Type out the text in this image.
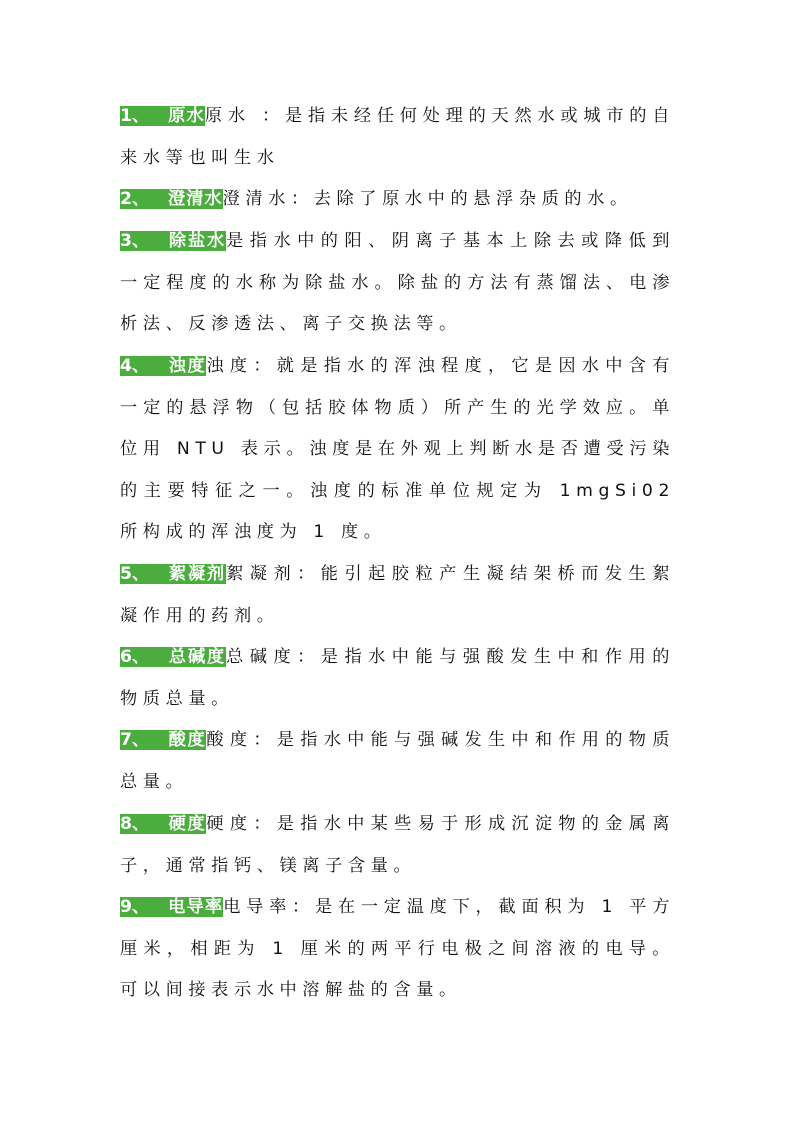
1、 原水原水 ：是指未经任何处理的天然水或城市的自来水等也叫生水

2、 澄清水澄清水：去除了原水中的悬浮杂质的水。

3、 除盐水是指水中的阳、阴离子基本上除去或降低到一定程度的水称为除盐水。除盐的方法有蒸馏法、电渗析法、反渗透法、离子交换法等。

4、 浊度浊度：就是指水的浑浊程度，它是因水中含有一定的悬浮物（包括胶体物质）所产生的光学效应。单位用 NTU 表示。浊度是在外观上判断水是否遭受污染的主要特征之一。浊度的标准单位规定为 1mgSi02 所构成的浑浊度为 1 度。

5、 絮凝剂絮凝剂：能引起胶粒产生凝结架桥而发生絮凝作用的药剂。

6、 总碱度总碱度：是指水中能与强酸发生中和作用的物质总量。

7、 酸度酸度：是指水中能与强碱发生中和作用的物质总量。

8、 硬度硬度：是指水中某些易于形成沉淀物的金属离子，通常指钙、镁离子含量。

9、 电导率电导率：是在一定温度下，截面积为 1 平方厘米，相距为 1 厘米的两平行电极之间溶液的电导。可以间接表示水中溶解盐的含量。
